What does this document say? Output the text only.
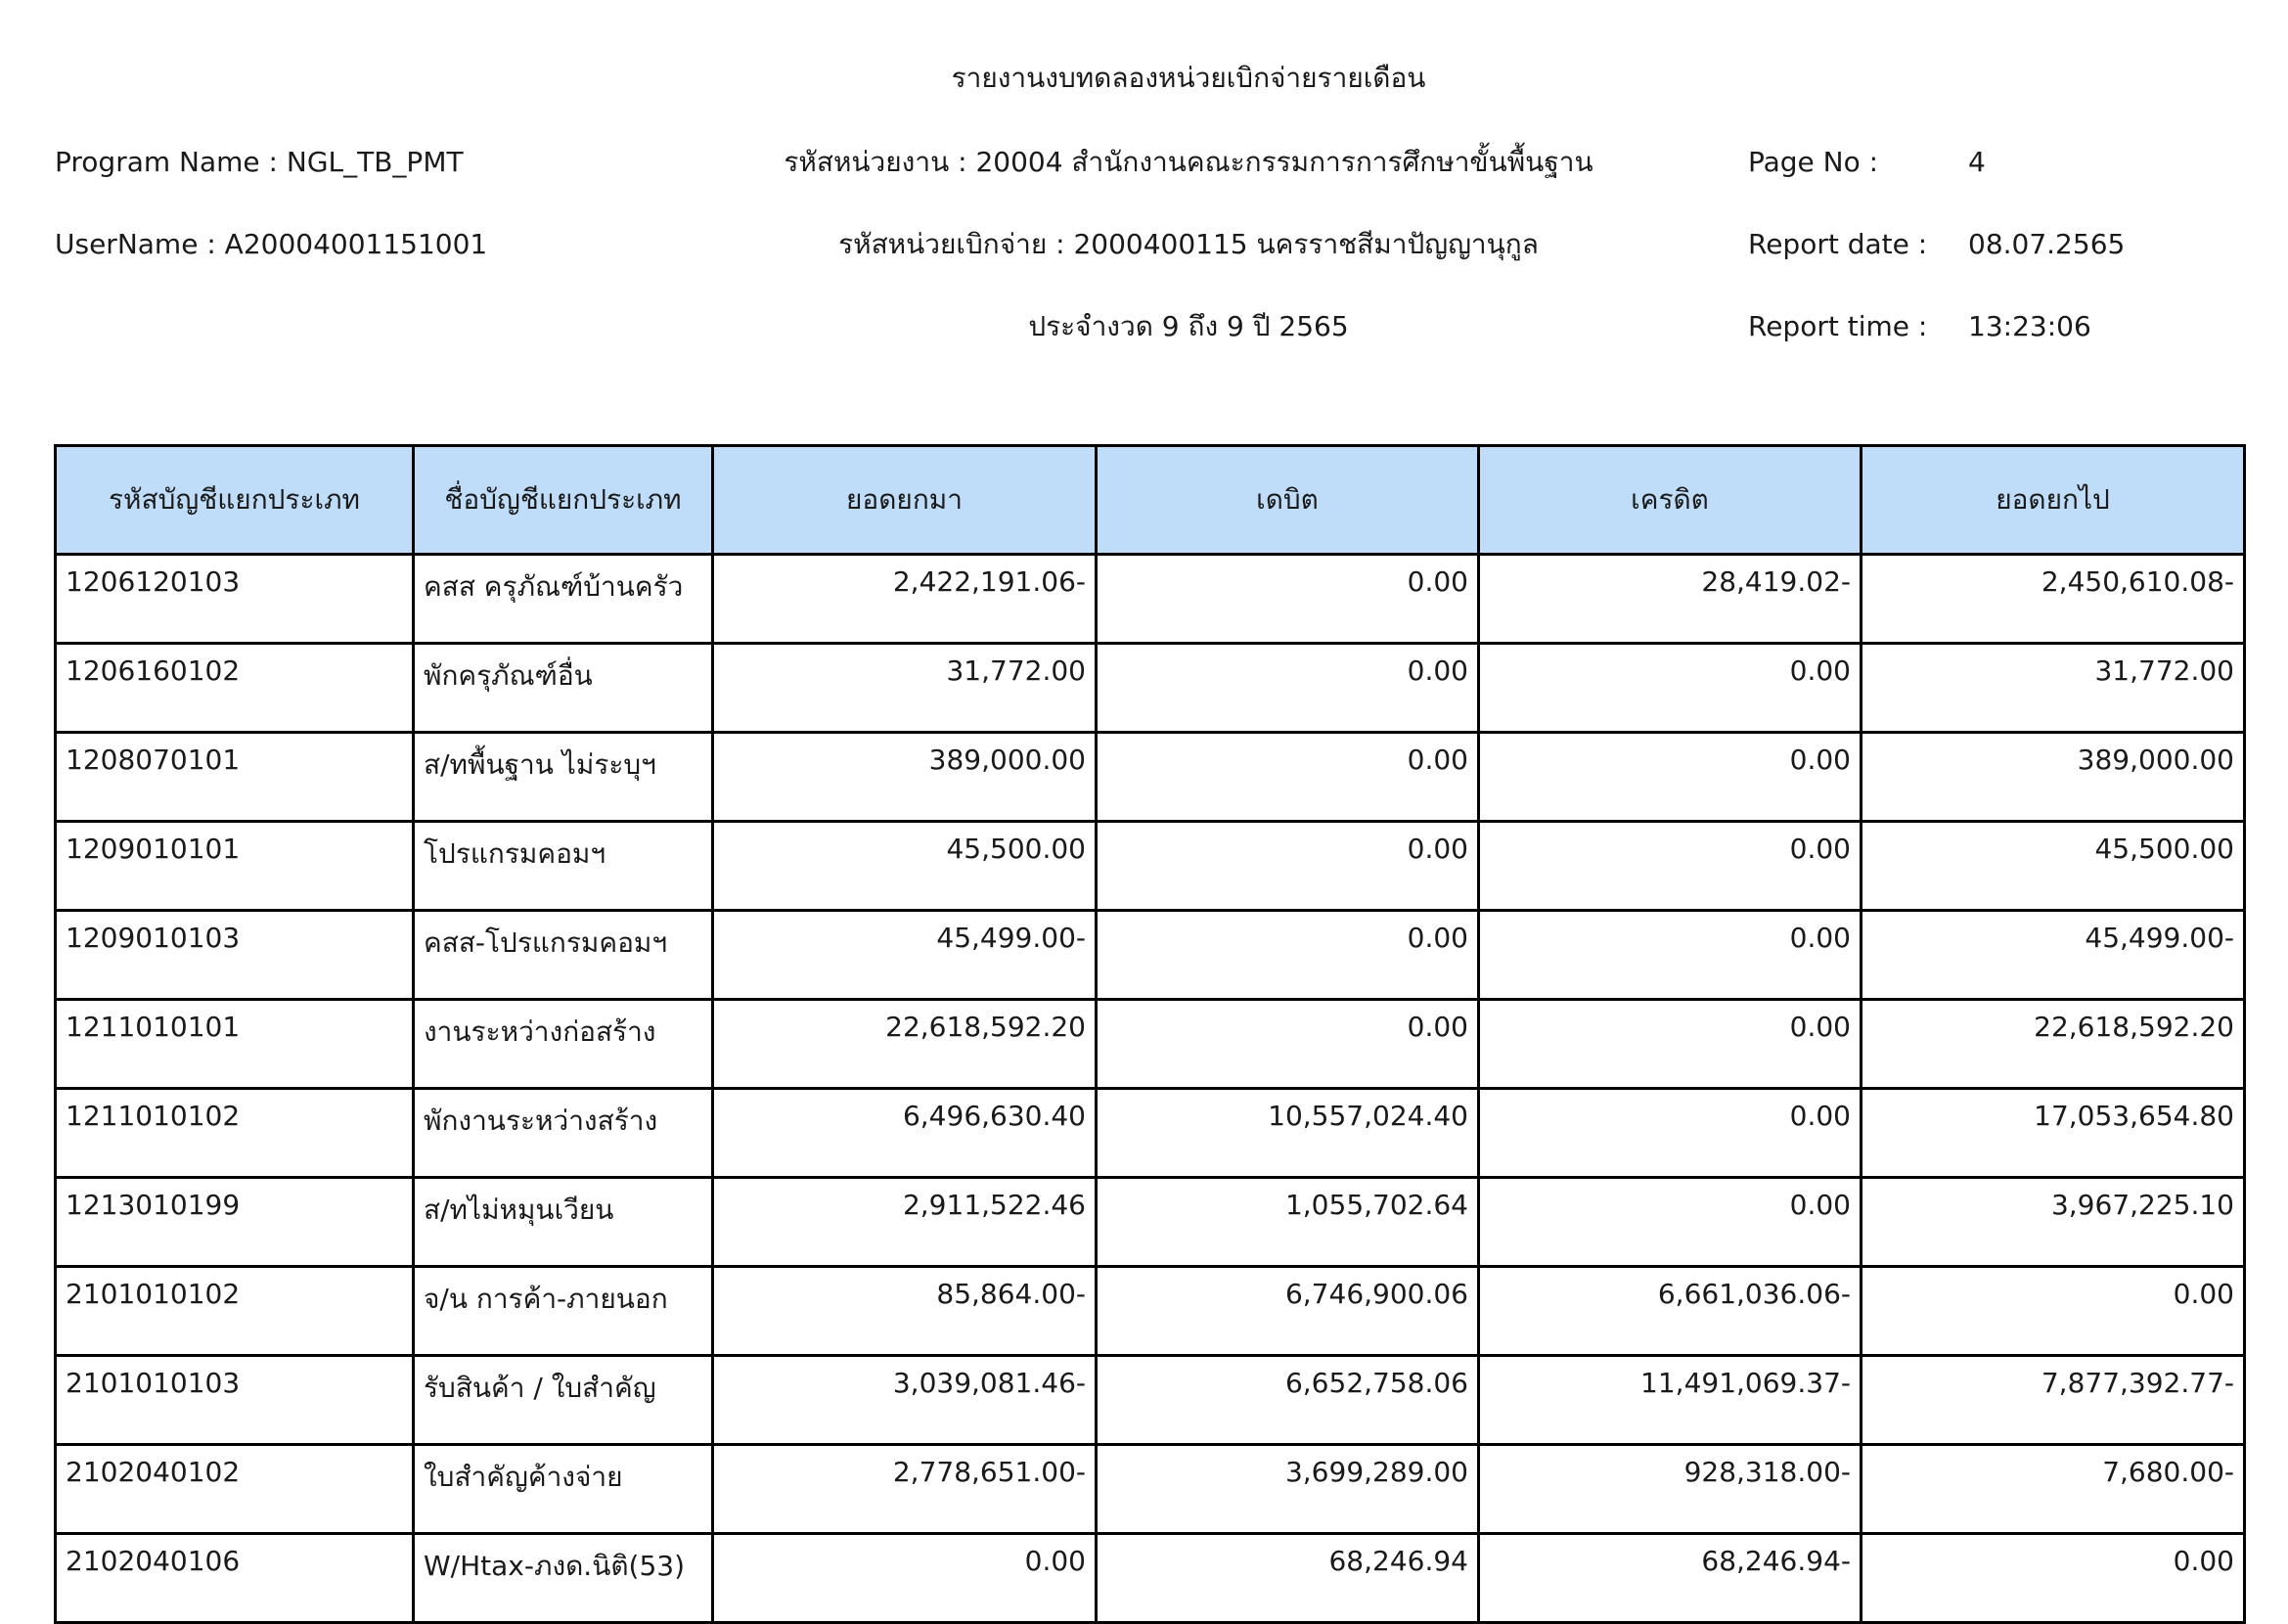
รายงานงบทดลองหน่วยเบิกจ่ายรายเดือน
Program Name : NGL_TB_PMT	รหัสหน่วยงาน : 20004 สำนักงานคณะกรรมการการศึกษาขั้นพื้นฐาน	Page No :	4
UserName : A20004001151001	รหัสหน่วยเบิกจ่าย : 2000400115 นครราชสีมาปัญญานุกูล	Report date : 08.07.2565
ประจำงวด 9 ถึง 9 ปี 2565	Report time : 13:23:06
รหัสบัญชีแยกประเภท	ชื่อบัญชีแยกประเภท	ยอดยกมา	เดบิต	เครดิต	ยอดยกไป
1206120103	คสส ครุภัณฑ์บ้านครัว	2,422,191.06-	0.00	28,419.02-	2,450,610.08-
1206160102	พักครุภัณฑ์อื่น	31,772.00	0.00	0.00	31,772.00
1208070101	ส/ทพื้นฐาน ไม่ระบุฯ	389,000.00	0.00	0.00	389,000.00
1209010101	โปรแกรมคอมฯ	45,500.00	0.00	0.00	45,500.00
1209010103	คสส-โปรแกรมคอมฯ	45,499.00-	0.00	0.00	45,499.00-
1211010101	งานระหว่างก่อสร้าง	22,618,592.20	0.00	0.00	22,618,592.20
1211010102	พักงานระหว่างสร้าง	6,496,630.40	10,557,024.40	0.00	17,053,654.80
1213010199	ส/ทไม่หมุนเวียน	2,911,522.46	1,055,702.64	0.00	3,967,225.10
2101010102	จ/น การค้า-ภายนอก	85,864.00-	6,746,900.06	6,661,036.06-	0.00
2101010103	รับสินค้า / ใบสำคัญ	3,039,081.46-	6,652,758.06	11,491,069.37-	7,877,392.77-
2102040102	ใบสำคัญค้างจ่าย	2,778,651.00-	3,699,289.00	928,318.00-	7,680.00-
2102040106	W/Htax-ภงด.นิติ(53)	0.00	68,246.94	68,246.94-	0.00
